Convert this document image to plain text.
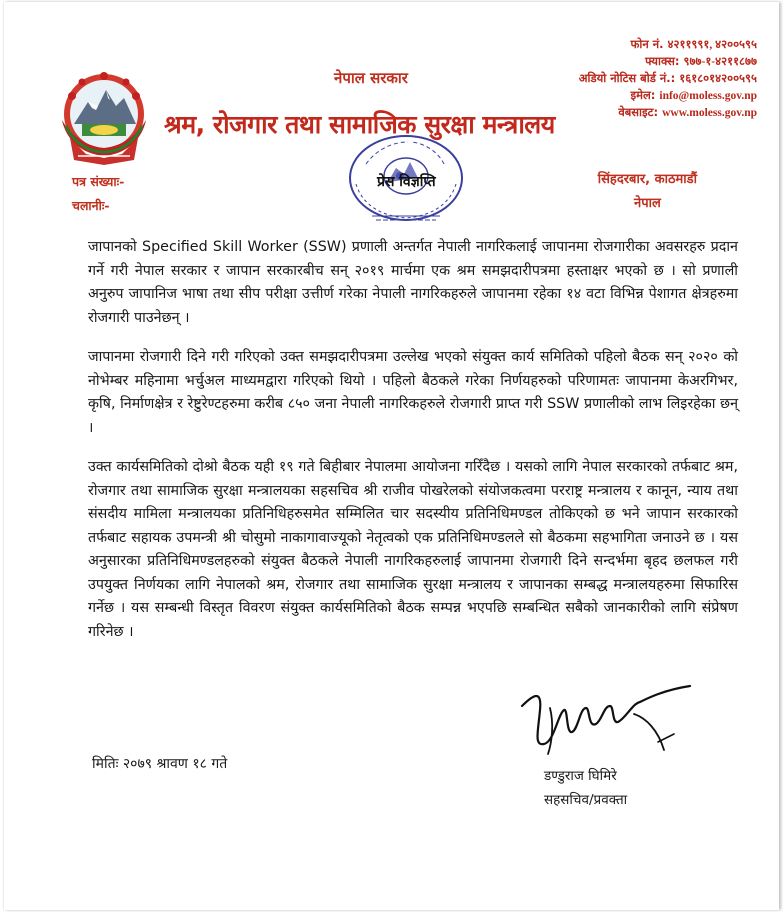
नेपाल सरकार
श्रम, रोजगार तथा सामाजिक सुरक्षा मन्त्रालय
फोन नं. ४२११९९१, ४२००५९५
फ्याक्स: ९७७-१-४२११८७७
अडियो नोटिस बोर्ड नं.: १६१८०१४२००५९५
इमेल: info@moless.gov.np
वेबसाइट: www.moless.gov.np
पत्र संख्याः-
चलानीः-
सिंहदरबार, काठमाडौं
नेपाल
प्रेस विज्ञप्ति

जापानको Specified Skill Worker (SSW) प्रणाली अन्तर्गत नेपाली नागरिकलाई जापानमा रोजगारीका अवसरहरु प्रदान गर्ने गरी नेपाल सरकार र जापान सरकारबीच सन् २०१९ मार्चमा एक श्रम समझदारीपत्रमा हस्ताक्षर भएको छ । सो प्रणाली अनुरुप जापानिज भाषा तथा सीप परीक्षा उत्तीर्ण गरेका नेपाली नागरिकहरुले जापानमा रहेका १४ वटा विभिन्न पेशागत क्षेत्रहरुमा रोजगारी पाउनेछन् ।

जापानमा रोजगारी दिने गरी गरिएको उक्त समझदारीपत्रमा उल्लेख भएको संयुक्त कार्य समितिको पहिलो बैठक सन् २०२० को नोभेम्बर महिनामा भर्चुअल माध्यमद्वारा गरिएको थियो । पहिलो बैठकले गरेका निर्णयहरुको परिणामतः जापानमा केअरगिभर, कृषि, निर्माणक्षेत्र र रेष्टुरेण्टहरुमा करीब ८५० जना नेपाली नागरिकहरुले रोजगारी प्राप्त गरी SSW प्रणालीको लाभ लिइरहेका छन् ।

उक्त कार्यसमितिको दोश्रो बैठक यही १९ गते बिहीबार नेपालमा आयोजना गरिँदैछ । यसको लागि नेपाल सरकारको तर्फबाट श्रम, रोजगार तथा सामाजिक सुरक्षा मन्त्रालयका सहसचिव श्री राजीव पोखरेलको संयोजकत्वमा परराष्ट्र मन्त्रालय र कानून, न्याय तथा संसदीय मामिला मन्त्रालयका प्रतिनिधिहरुसमेत सम्मिलित चार सदस्यीय प्रतिनिधिमण्डल तोकिएको छ भने जापान सरकारको तर्फबाट सहायक उपमन्त्री श्री चोसुमो नाकागावाज्यूको नेतृत्वको एक प्रतिनिधिमण्डलले सो बैठकमा सहभागिता जनाउने छ । यस अनुसारका प्रतिनिधिमण्डलहरुको संयुक्त बैठकले नेपाली नागरिकहरुलाई जापानमा रोजगारी दिने सन्दर्भमा बृहद छलफल गरी उपयुक्त निर्णयका लागि नेपालको श्रम, रोजगार तथा सामाजिक सुरक्षा मन्त्रालय र जापानका सम्बद्ध मन्त्रालयहरुमा सिफारिस गर्नेछ । यस सम्बन्धी विस्तृत विवरण संयुक्त कार्यसमितिको बैठक सम्पन्न भएपछि सम्बन्धित सबैको जानकारीको लागि संप्रेषण गरिनेछ ।

मितिः २०७९ श्रावण १८ गते
डण्डुराज घिमिरे
सहसचिव/प्रवक्ता
